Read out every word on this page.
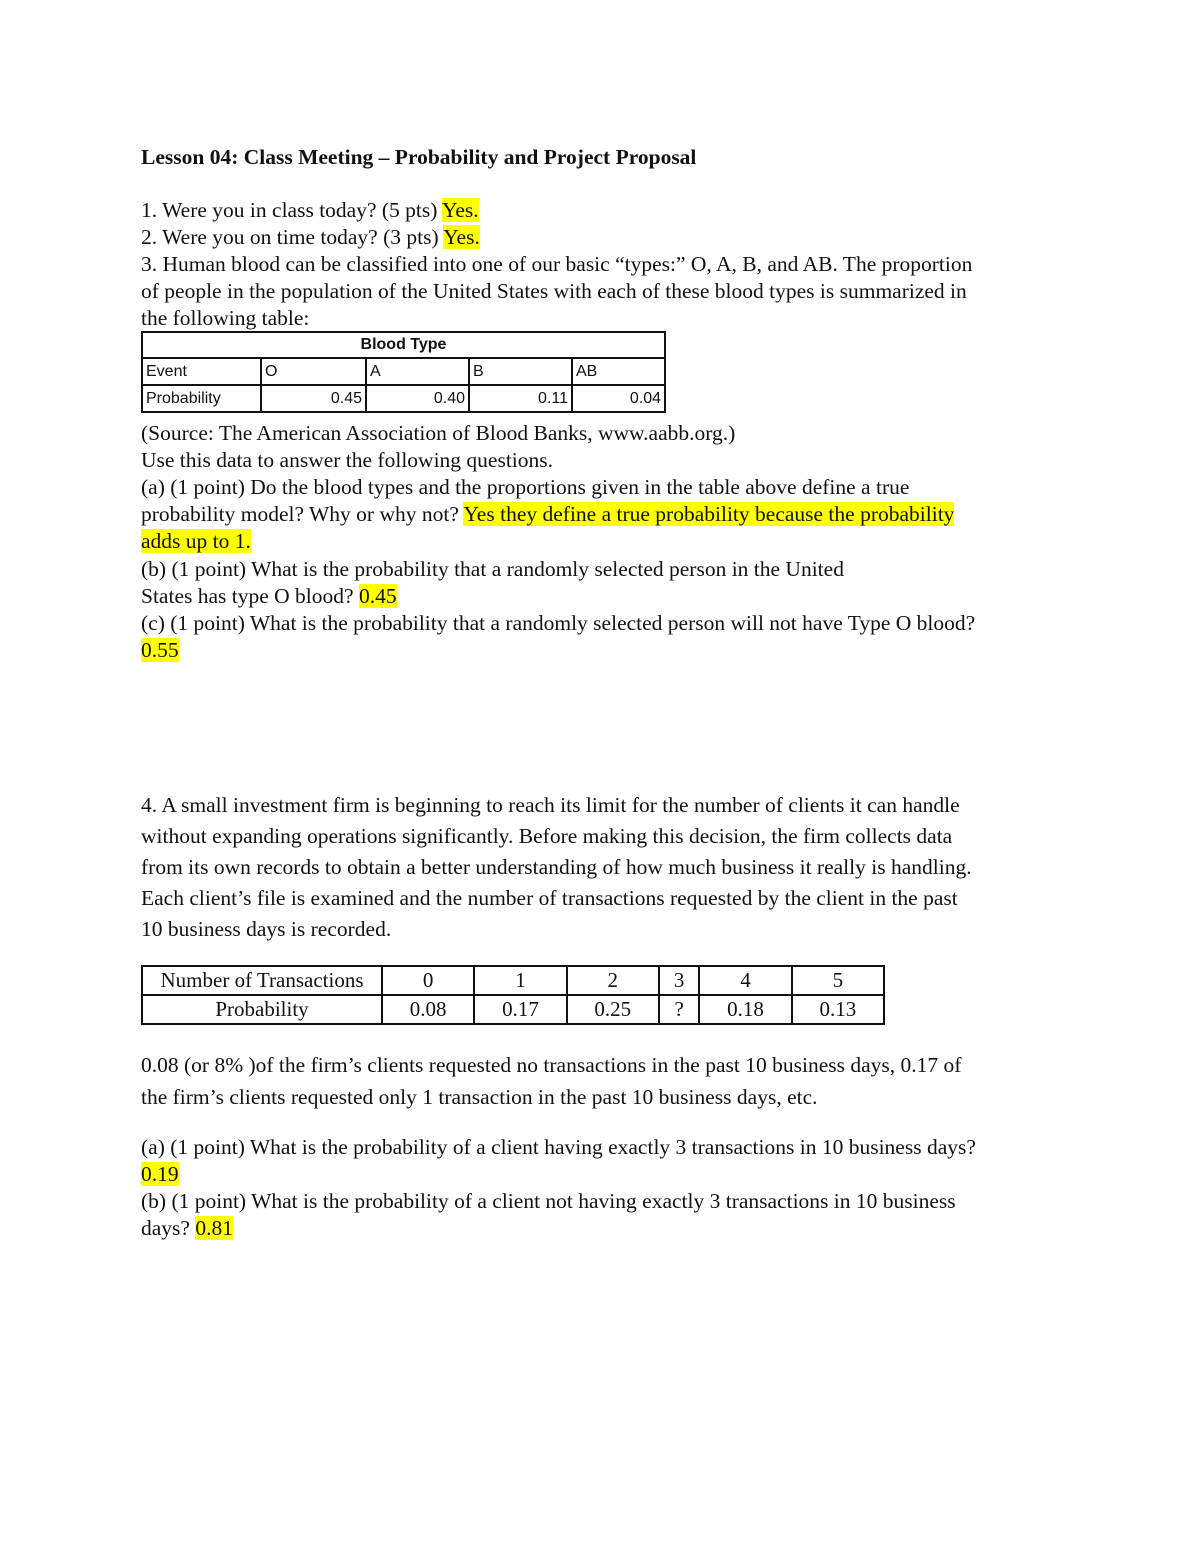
Lesson 04: Class Meeting – Probability and Project Proposal
1. Were you in class today? (5 pts) Yes.
2. Were you on time today? (3 pts) Yes.
3. Human blood can be classified into one of our basic “types:” O, A, B, and AB. The proportion
of people in the population of the United States with each of these blood types is summarized in
the following table:
Blood Type				
Event	O	A	B	AB
Probability	0.45	0.40	0.11	0.04
(Source: The American Association of Blood Banks, www.aabb.org.)
Use this data to answer the following questions.
(a) (1 point) Do the blood types and the proportions given in the table above define a true
probability model? Why or why not? Yes they define a true probability because the probability
adds up to 1.
(b) (1 point) What is the probability that a randomly selected person in the United
States has type O blood? 0.45
(c) (1 point) What is the probability that a randomly selected person will not have Type O blood?
0.55
4. A small investment firm is beginning to reach its limit for the number of clients it can handle
without expanding operations significantly. Before making this decision, the firm collects data
from its own records to obtain a better understanding of how much business it really is handling.
Each client’s file is examined and the number of transactions requested by the client in the past
10 business days is recorded.
Number of Transactions	0	1	2	3	4	5
Probability	0.08	0.17	0.25	?	0.18	0.13
0.08 (or 8% )of the firm’s clients requested no transactions in the past 10 business days, 0.17 of
the firm’s clients requested only 1 transaction in the past 10 business days, etc.
(a) (1 point) What is the probability of a client having exactly 3 transactions in 10 business days?
0.19
(b) (1 point) What is the probability of a client not having exactly 3 transactions in 10 business
days? 0.81
